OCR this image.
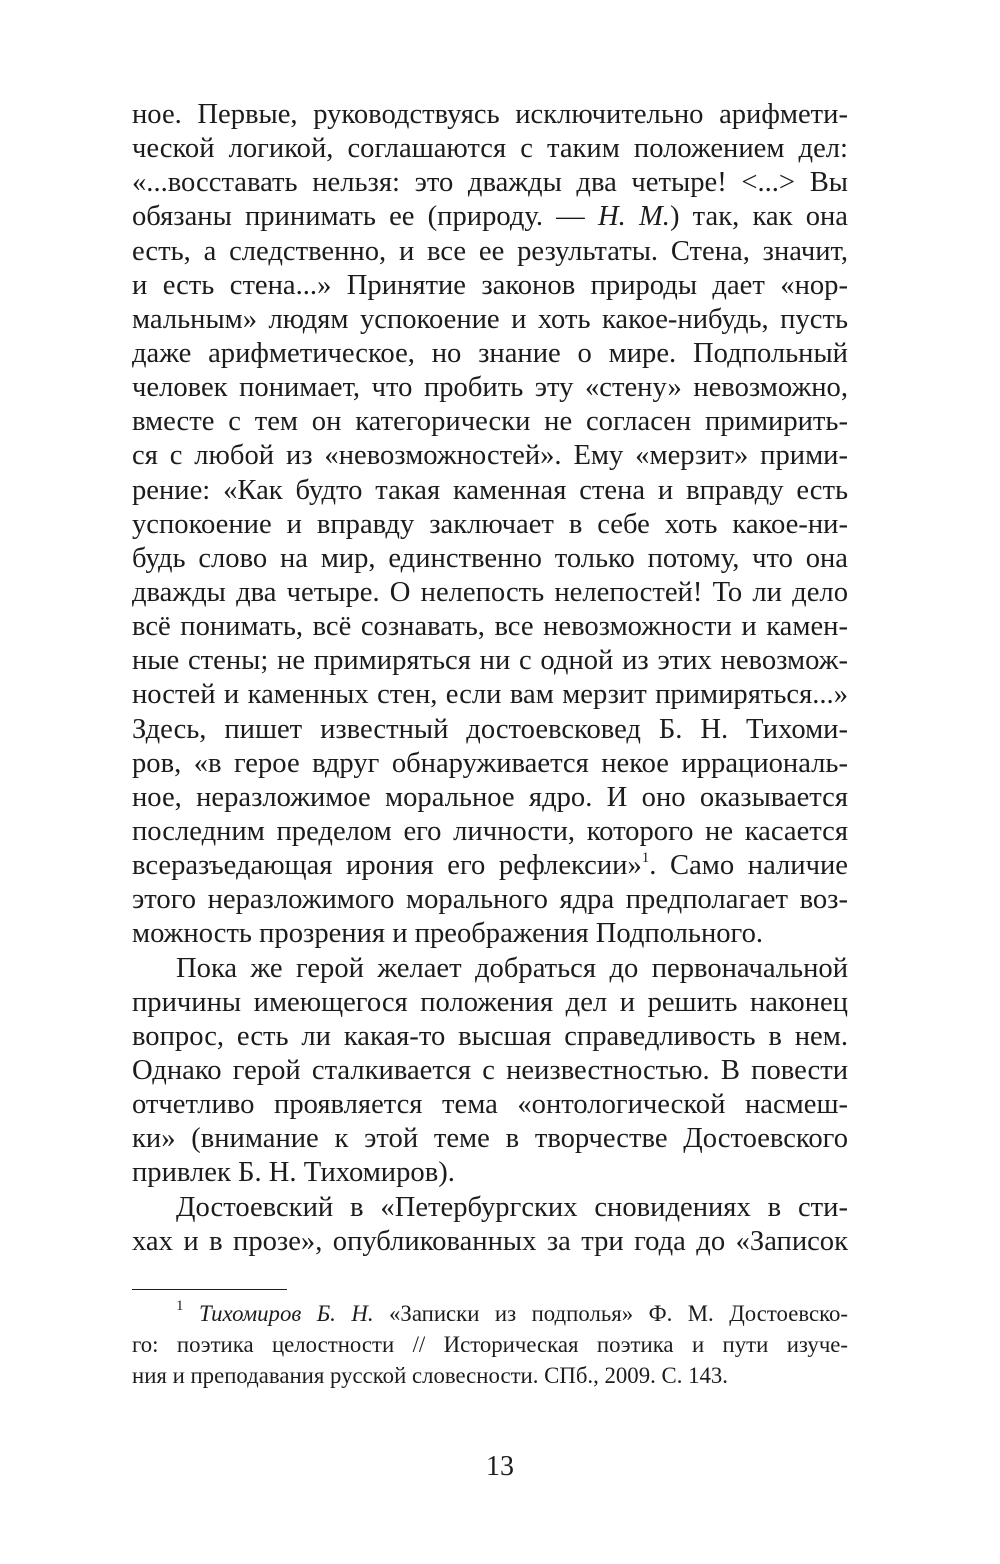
ное. Первые, руководствуясь исключительно арифмети-
ческой логикой, соглашаются с таким положением дел:
«...восставать нельзя: это дважды два четыре! <...> Вы
обязаны принимать ее (природу. — Н. М.) так, как она
есть, а следственно, и все ее результаты. Стена, значит,
и есть стена...» Принятие законов природы дает «нор-
мальным» людям успокоение и хоть какое-нибудь, пусть
даже арифметическое, но знание о мире. Подпольный
человек понимает, что пробить эту «стену» невозможно,
вместе с тем он категорически не согласен примирить-
ся с любой из «невозможностей». Ему «мерзит» прими-
рение: «Как будто такая каменная стена и вправду есть
успокоение и вправду заключает в себе хоть какое-ни-
будь слово на мир, единственно только потому, что она
дважды два четыре. О нелепость нелепостей! То ли дело
всё понимать, всё сознавать, все невозможности и камен-
ные стены; не примиряться ни с одной из этих невозмож-
ностей и каменных стен, если вам мерзит примиряться...»
Здесь, пишет известный достоевсковед Б. Н. Тихоми-
ров, «в герое вдруг обнаруживается некое иррациональ-
ное, неразложимое моральное ядро. И оно оказывается
последним пределом его личности, которого не касается
всеразъедающая ирония его рефлексии»$^1$. Само наличие
этого неразложимого морального ядра предполагает воз-
можность прозрения и преображения Подпольного.
Пока же герой желает добраться до первоначальной
причины имеющегося положения дел и решить наконец
вопрос, есть ли какая-то высшая справедливость в нем.
Однако герой сталкивается с неизвестностью. В повести
отчетливо проявляется тема «онтологической насмеш-
ки» (внимание к этой теме в творчестве Достоевского
привлек Б. Н. Тихомиров).
Достоевский в «Петербургских сновидениях в сти-
хах и в прозе», опубликованных за три года до «Записок
$^1$ Тихомиров Б. Н. «Записки из подполья» Ф. М. Достоевско-
го: поэтика целостности // Историческая поэтика и пути изуче-
ния и преподавания русской словесности. СПб., 2009. С. 143.
13
